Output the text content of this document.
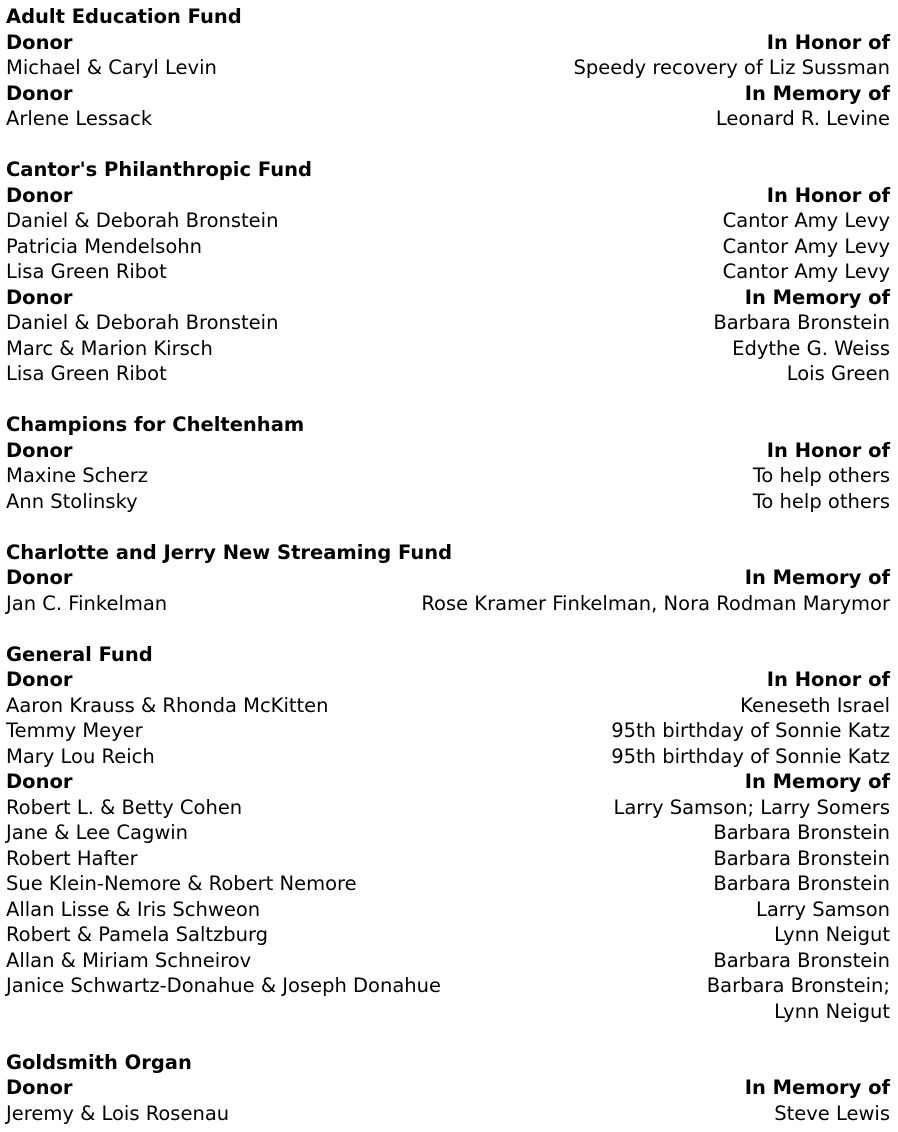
Adult Education Fund
Donor	In Honor of
Michael & Caryl Levin	Speedy recovery of Liz Sussman
Donor	In Memory of
Arlene Lessack	Leonard R. Levine
Cantor's Philanthropic Fund
Donor	In Honor of
Daniel & Deborah Bronstein	Cantor Amy Levy
Patricia Mendelsohn	Cantor Amy Levy
Lisa Green Ribot	Cantor Amy Levy
Donor	In Memory of
Daniel & Deborah Bronstein	Barbara Bronstein
Marc & Marion Kirsch	Edythe G. Weiss
Lisa Green Ribot	Lois Green
Champions for Cheltenham
Donor	In Honor of
Maxine Scherz	To help others
Ann Stolinsky	To help others
Charlotte and Jerry New Streaming Fund
Donor	In Memory of
Jan C. Finkelman	Rose Kramer Finkelman, Nora Rodman Marymor
General Fund
Donor	In Honor of
Aaron Krauss & Rhonda McKitten	Keneseth Israel
Temmy Meyer	95th birthday of Sonnie Katz
Mary Lou Reich	95th birthday of Sonnie Katz
Donor	In Memory of
Robert L. & Betty Cohen	Larry Samson; Larry Somers
Jane & Lee Cagwin	Barbara Bronstein
Robert Hafter	Barbara Bronstein
Sue Klein-Nemore & Robert Nemore	Barbara Bronstein
Allan Lisse & Iris Schweon	Larry Samson
Robert & Pamela Saltzburg	Lynn Neigut
Allan & Miriam Schneirov	Barbara Bronstein
Janice Schwartz-Donahue & Joseph Donahue	Barbara Bronstein; Lynn Neigut
Goldsmith Organ
Donor	In Memory of
Jeremy & Lois Rosenau	Steve Lewis
